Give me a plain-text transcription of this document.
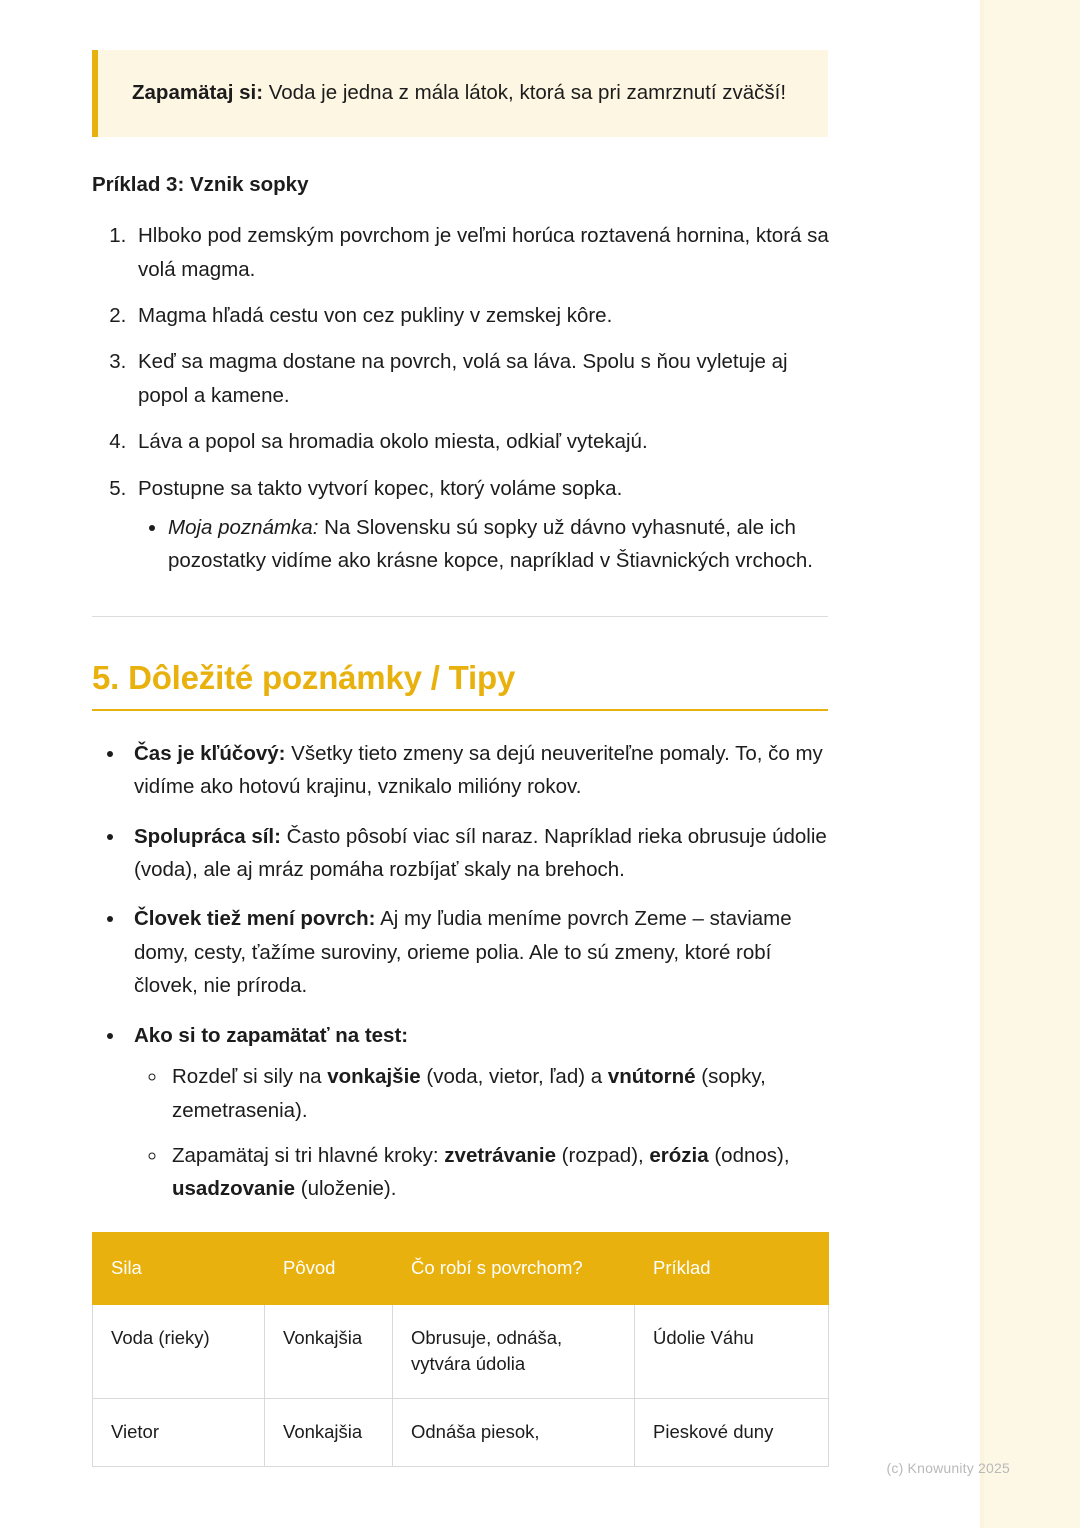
Zapamätaj si: Voda je jedna z mála látok, ktorá sa pri zamrznutí zväčší!

Príklad 3: Vznik sopky
1. Hlboko pod zemským povrchom je veľmi horúca roztavená hornina, ktorá sa volá magma.
2. Magma hľadá cestu von cez pukliny v zemskej kôre.
3. Keď sa magma dostane na povrch, volá sa láva. Spolu s ňou vyletuje aj popol a kamene.
4. Láva a popol sa hromadia okolo miesta, odkiaľ vytekajú.
5. Postupne sa takto vytvorí kopec, ktorý voláme sopka.
• Moja poznámka: Na Slovensku sú sopky už dávno vyhasnuté, ale ich pozostatky vidíme ako krásne kopce, napríklad v Štiavnických vrchoch.
5. Dôležité poznámky / Tipy
• Čas je kľúčový: Všetky tieto zmeny sa dejú neuveriteľne pomaly. To, čo my vidíme ako hotovú krajinu, vznikalo milióny rokov.
• Spolupráca síl: Často pôsobí viac síl naraz. Napríklad rieka obrusuje údolie (voda), ale aj mráz pomáha rozbíjať skaly na brehoch.
• Človek tiež mení povrch: Aj my ľudia meníme povrch Zeme – staviame domy, cesty, ťažíme suroviny, orieme polia. Ale to sú zmeny, ktoré robí človek, nie príroda.
• Ako si to zapamätať na test:
◦ Rozdeľ si sily na vonkajšie (voda, vietor, ľad) a vnútorné (sopky, zemetrasenia).
◦ Zapamätaj si tri hlavné kroky: zvetrávanie (rozpad), erózia (odnos), usadzovanie (uloženie).
Sila	Pôvod	Čo robí s povrchom?	Príklad
Voda (rieky)	Vonkajšia	Obrusuje, odnáša, vytvára údolia	Údolie Váhu
Vietor	Vonkajšia	Odnáša piesok,	Pieskové duny
(c) Knowunity 2025
